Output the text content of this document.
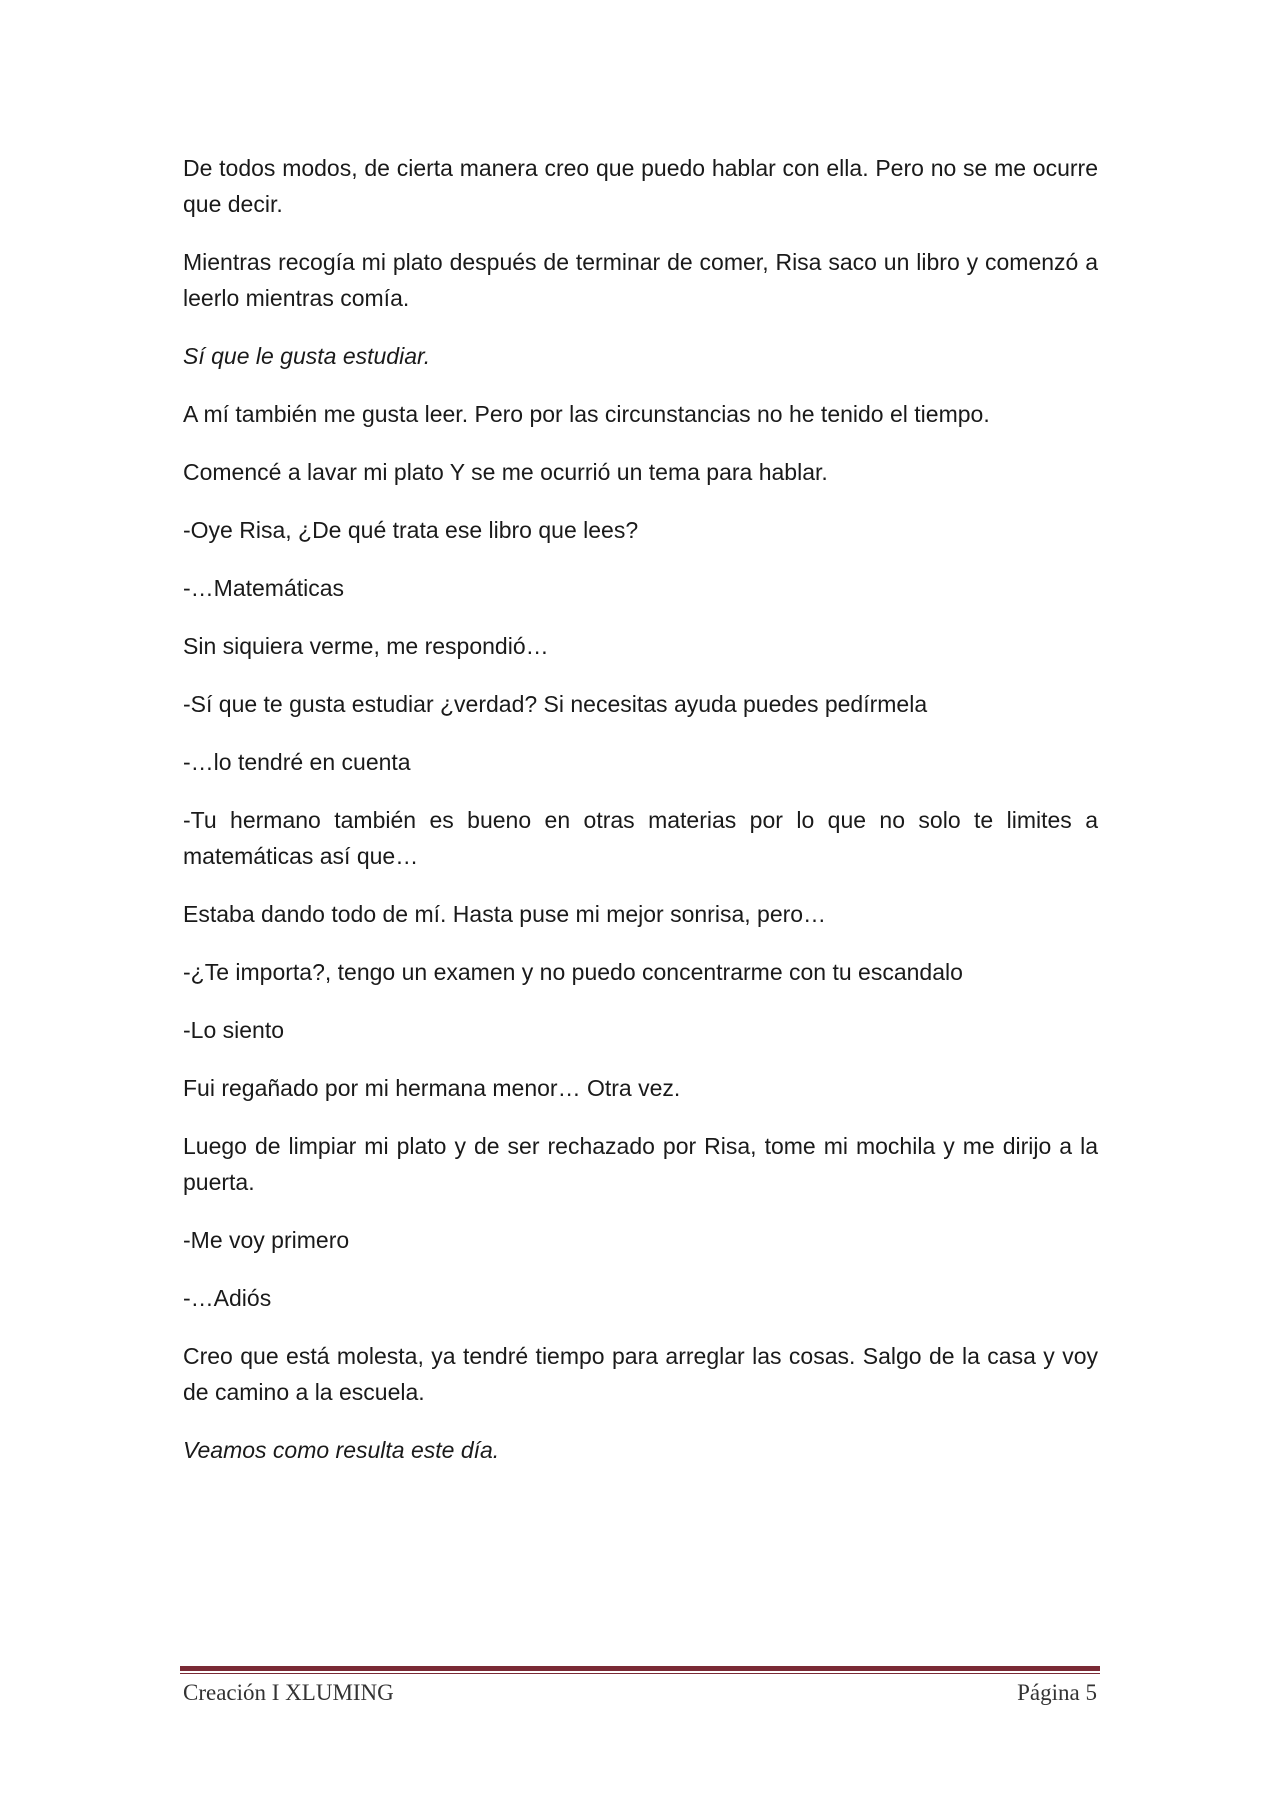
De todos modos, de cierta manera creo que puedo hablar con ella. Pero no se me ocurre que decir.

Mientras recogía mi plato después de terminar de comer, Risa saco un libro y comenzó a leerlo mientras comía.

Sí que le gusta estudiar.

A mí también me gusta leer. Pero por las circunstancias no he tenido el tiempo.

Comencé a lavar mi plato Y se me ocurrió un tema para hablar.

-Oye Risa, ¿De qué trata ese libro que lees?

-…Matemáticas

Sin siquiera verme, me respondió…

-Sí que te gusta estudiar ¿verdad? Si necesitas ayuda puedes pedírmela

-…lo tendré en cuenta

-Tu hermano también es bueno en otras materias por lo que no solo te limites a matemáticas así que…

Estaba dando todo de mí. Hasta puse mi mejor sonrisa, pero…

-¿Te importa?, tengo un examen y no puedo concentrarme con tu escandalo

-Lo siento

Fui regañado por mi hermana menor… Otra vez.

Luego de limpiar mi plato y de ser rechazado por Risa, tome mi mochila y me dirijo a la puerta.

-Me voy primero

-…Adiós

Creo que está molesta, ya tendré tiempo para arreglar las cosas. Salgo de la casa y voy de camino a la escuela.

Veamos como resulta este día.

Creación I XLUMING	Página 5
